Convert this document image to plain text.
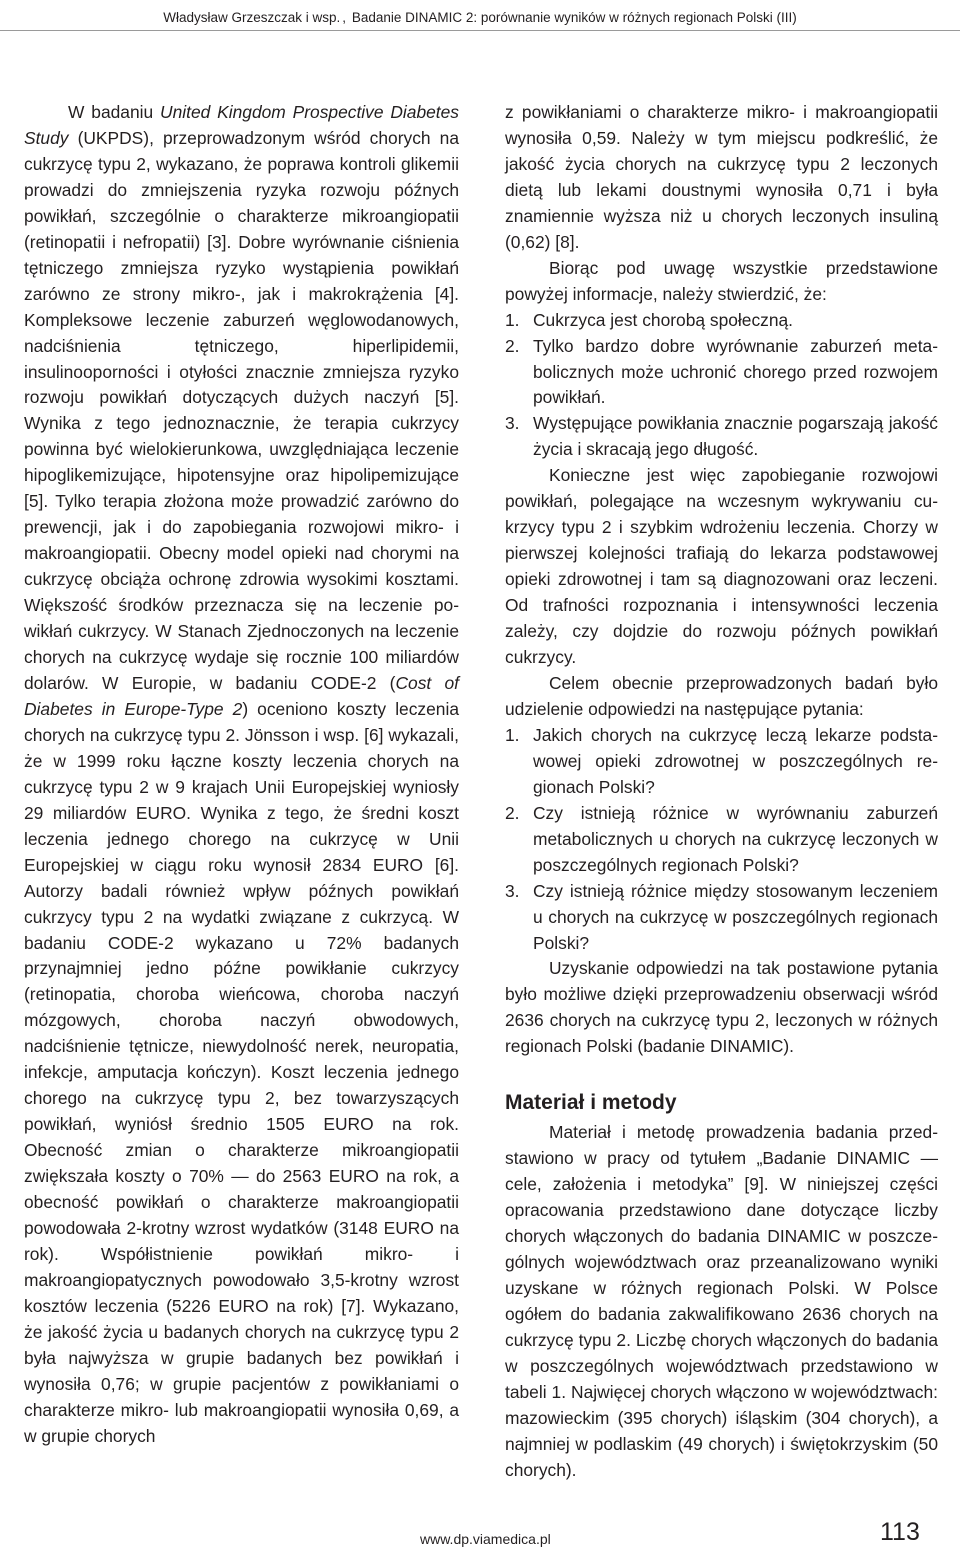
Władysław Grzeszczak i wsp. , Badanie DINAMIC 2: porównanie wyników w różnych regionach Polski (III)

W badaniu United Kingdom Prospective Diabetes Study (UKPDS), przeprowadzonym wśród chorych na cukrzycę typu 2, wykazano, że poprawa kontroli glikemii prowadzi do zmniejszenia ryzyka rozwoju późnych powikłań, szczególnie o charakterze mikroangiopatii (retinopatii i nefropatii) [3]. Dobre wyrównanie ciśnienia tętniczego zmniejsza ryzyko wystąpienia powikłań zarówno ze strony mikro-, jak i makrokrążenia [4]. Kompleksowe leczenie zaburzeń węglowodanowych, nadciśnienia tętniczego, hiperlipidemii, insulinooporności i otyłości znacznie zmniejsza ryzyko rozwoju powikłań dotyczących dużych naczyń [5]. Wynika z tego jednoznacznie, że terapia cukrzycy powinna być wielokierunkowa, uwzględniająca leczenie hipoglikemizujące, hipotensyjne oraz hipolipemizujące [5]. Tylko terapia złożona może prowadzić zarówno do prewencji, jak i do zapobiegania rozwojowi mikro- i makroangiopatii. Obecny model opieki nad chorymi na cukrzycę obciąża ochronę zdrowia wysokimi kosztami. Większość środków przeznacza się na leczenie powikłań cukrzycy. W Stanach Zjednoczonych na leczenie chorych na cukrzycę wydaje się rocznie 100 miliardów dolarów. W Europie, w badaniu CODE-2 (Cost of Diabetes in Europe-Type 2) oceniono koszty leczenia chorych na cukrzycę typu 2. Jönsson i wsp. [6] wykazali, że w 1999 roku łączne koszty leczenia chorych na cukrzycę typu 2 w 9 krajach Unii Europejskiej wyniosły 29 miliardów EURO. Wynika z tego, że średni koszt leczenia jednego chorego na cukrzycę w Unii Europejskiej w ciągu roku wynosił 2834 EURO [6]. Autorzy badali również wpływ późnych powikłań cukrzycy typu 2 na wydatki związane z cukrzycą. W badaniu CODE-2 wykazano u 72% badanych przynajmniej jedno późne powikłanie cukrzycy (retinopatia, choroba wieńcowa, choroba naczyń mózgowych, choroba naczyń obwodowych, nadciśnienie tętnicze, niewydolność nerek, neuropatia, infekcje, amputacja kończyn). Koszt leczenia jednego chorego na cukrzycę typu 2, bez towarzyszących powikłań, wyniósł średnio 1505 EURO na rok. Obecność zmian o charakterze mikroangiopatii zwiększała koszty o 70% — do 2563 EURO na rok, a obecność powikłań o charakterze makroangiopatii powodowała 2-krotny wzrost wydatków (3148 EURO na rok). Współistnienie powikłań mikro- i makroangiopatycznych powodowało 3,5-krotny wzrost kosztów leczenia (5226 EURO na rok) [7]. Wykazano, że jakość życia u badanych chorych na cukrzycę typu 2 była najwyższa w grupie badanych bez powikłań i wynosiła 0,76; w grupie pacjentów z powikłaniami o charakterze mikro- lub makroangiopatii wynosiła 0,69, a w grupie chorych

z powikłaniami o charakterze mikro- i makroangiopatii wynosiła 0,59. Należy w tym miejscu podkreślić, że jakość życia chorych na cukrzycę typu 2 leczonych dietą lub lekami doustnymi wynosiła 0,71 i była znamiennie wyższa niż u chorych leczonych insuliną (0,62) [8].

Biorąc pod uwagę wszystkie przedstawione powyżej informacje, należy stwierdzić, że:

1. Cukrzyca jest chorobą społeczną.
2. Tylko bardzo dobre wyrównanie zaburzeń metabolicznych może uchronić chorego przed rozwojem powikłań.
3. Występujące powikłania znacznie pogarszają jakość życia i skracają jego długość.

Konieczne jest więc zapobieganie rozwojowi powikłań, polegające na wczesnym wykrywaniu cukrzycy typu 2 i szybkim wdrożeniu leczenia. Chorzy w pierwszej kolejności trafiają do lekarza podstawowej opieki zdrowotnej i tam są diagnozowani oraz leczeni. Od trafności rozpoznania i intensywności leczenia zależy, czy dojdzie do rozwoju późnych powikłań cukrzycy.

Celem obecnie przeprowadzonych badań było udzielenie odpowiedzi na następujące pytania:

1. Jakich chorych na cukrzycę leczą lekarze podstawowej opieki zdrowotnej w poszczególnych regionach Polski?
2. Czy istnieją różnice w wyrównaniu zaburzeń metabolicznych u chorych na cukrzycę leczonych w poszczególnych regionach Polski?
3. Czy istnieją różnice między stosowanym leczeniem u chorych na cukrzycę w poszczególnych regionach Polski?

Uzyskanie odpowiedzi na tak postawione pytania było możliwe dzięki przeprowadzeniu obserwacji wśród 2636 chorych na cukrzycę typu 2, leczonych w różnych regionach Polski (badanie DINAMIC).

Materiał i metody

Materiał i metodę prowadzenia badania przedstawiono w pracy od tytułem „Badanie DINAMIC — cele, założenia i metodyka” [9]. W niniejszej części opracowania przedstawiono dane dotyczące liczby chorych włączonych do badania DINAMIC w poszczególnych województwach oraz przeanalizowano wyniki uzyskane w różnych regionach Polski. W Polsce ogółem do badania zakwalifikowano 2636 chorych na cukrzycę typu 2. Liczbę chorych włączonych do badania w poszczególnych województwach przedstawiono w tabeli 1. Najwięcej chorych włączono w województwach: mazowieckim (395 chorych) iśląskim (304 chorych), a najmniej w podlaskim (49 chorych) i świętokrzyskim (50 chorych).

www.dp.viamedica.pl	113
